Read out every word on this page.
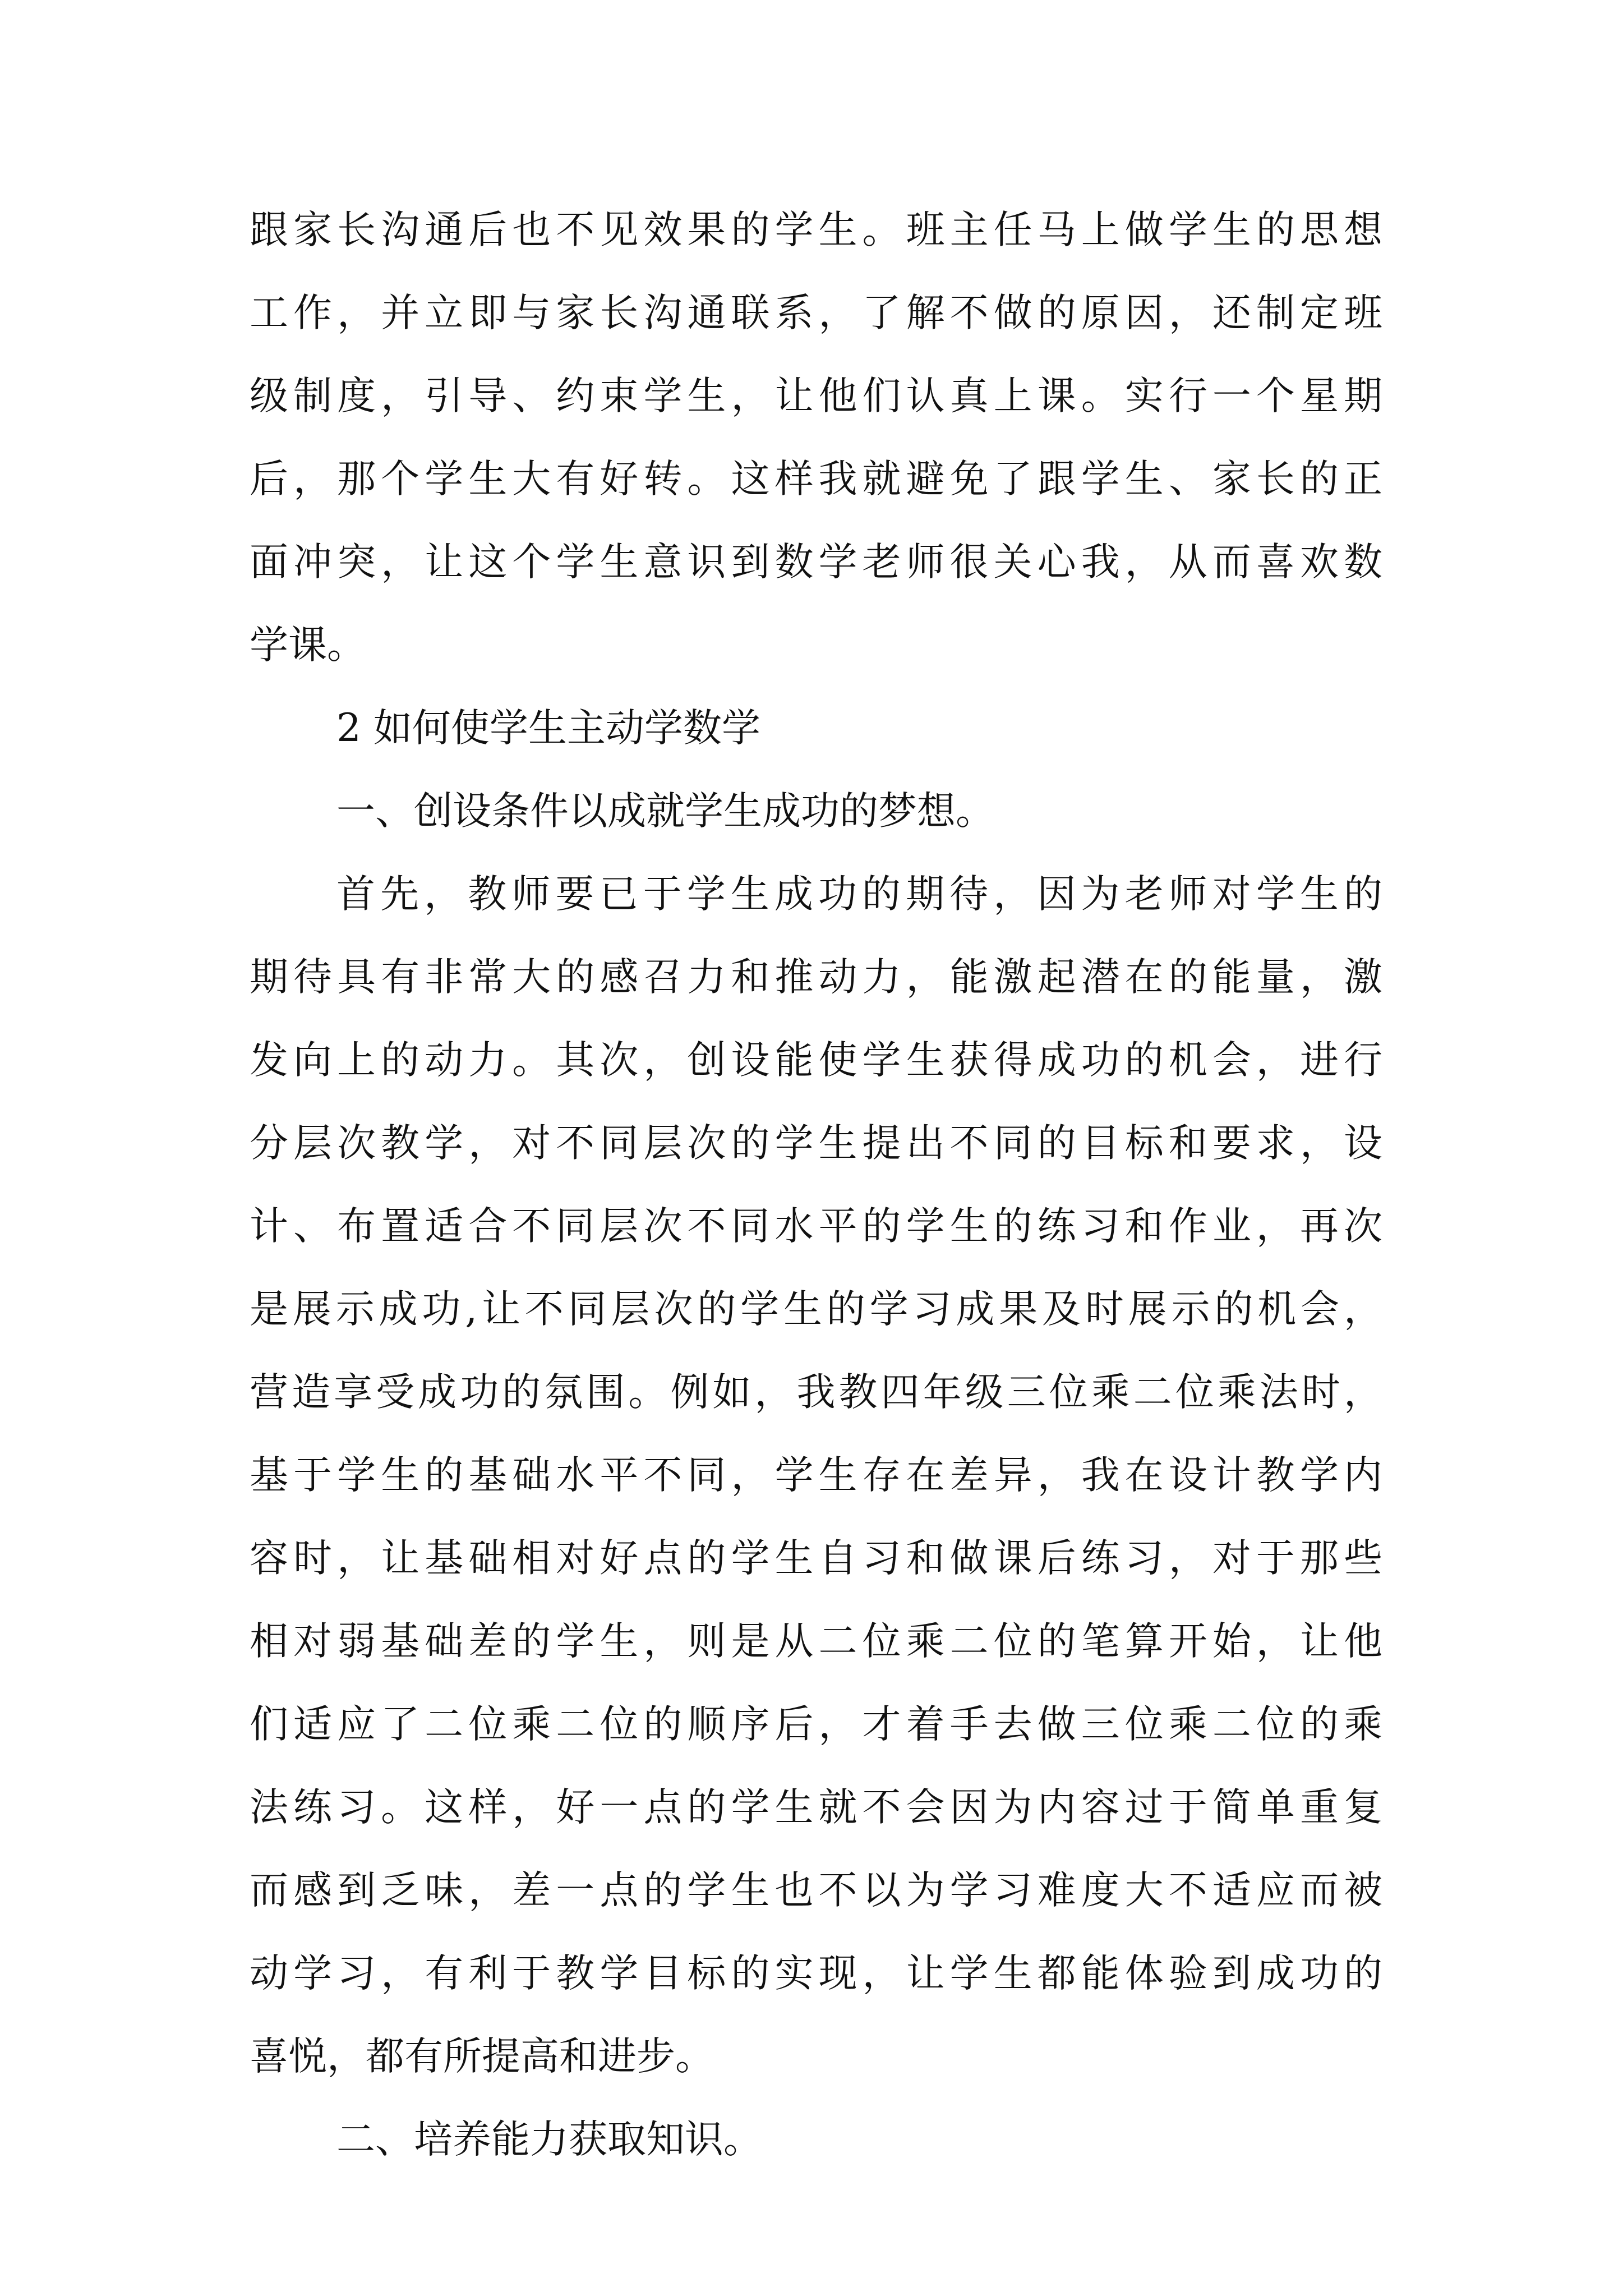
跟家长沟通后也不见效果的学生。班主任马上做学生的思想
工作，并立即与家长沟通联系，了解不做的原因，还制定班
级制度，引导、约束学生，让他们认真上课。实行一个星期
后，那个学生大有好转。这样我就避免了跟学生、家长的正
面冲突，让这个学生意识到数学老师很关心我，从而喜欢数
学课。
2 如何使学生主动学数学
一、创设条件以成就学生成功的梦想。
首先，教师要已于学生成功的期待，因为老师对学生的
期待具有非常大的感召力和推动力，能激起潜在的能量，激
发向上的动力。其次，创设能使学生获得成功的机会，进行
分层次教学，对不同层次的学生提出不同的目标和要求，设
计、布置适合不同层次不同水平的学生的练习和作业，再次
是展示成功,让不同层次的学生的学习成果及时展示的机会，
营造享受成功的氛围。例如，我教四年级三位乘二位乘法时，
基于学生的基础水平不同，学生存在差异，我在设计教学内
容时，让基础相对好点的学生自习和做课后练习，对于那些
相对弱基础差的学生，则是从二位乘二位的笔算开始，让他
们适应了二位乘二位的顺序后，才着手去做三位乘二位的乘
法练习。这样，好一点的学生就不会因为内容过于简单重复
而感到乏味，差一点的学生也不以为学习难度大不适应而被
动学习，有利于教学目标的实现，让学生都能体验到成功的
喜悦，都有所提高和进步。
二、培养能力获取知识。
